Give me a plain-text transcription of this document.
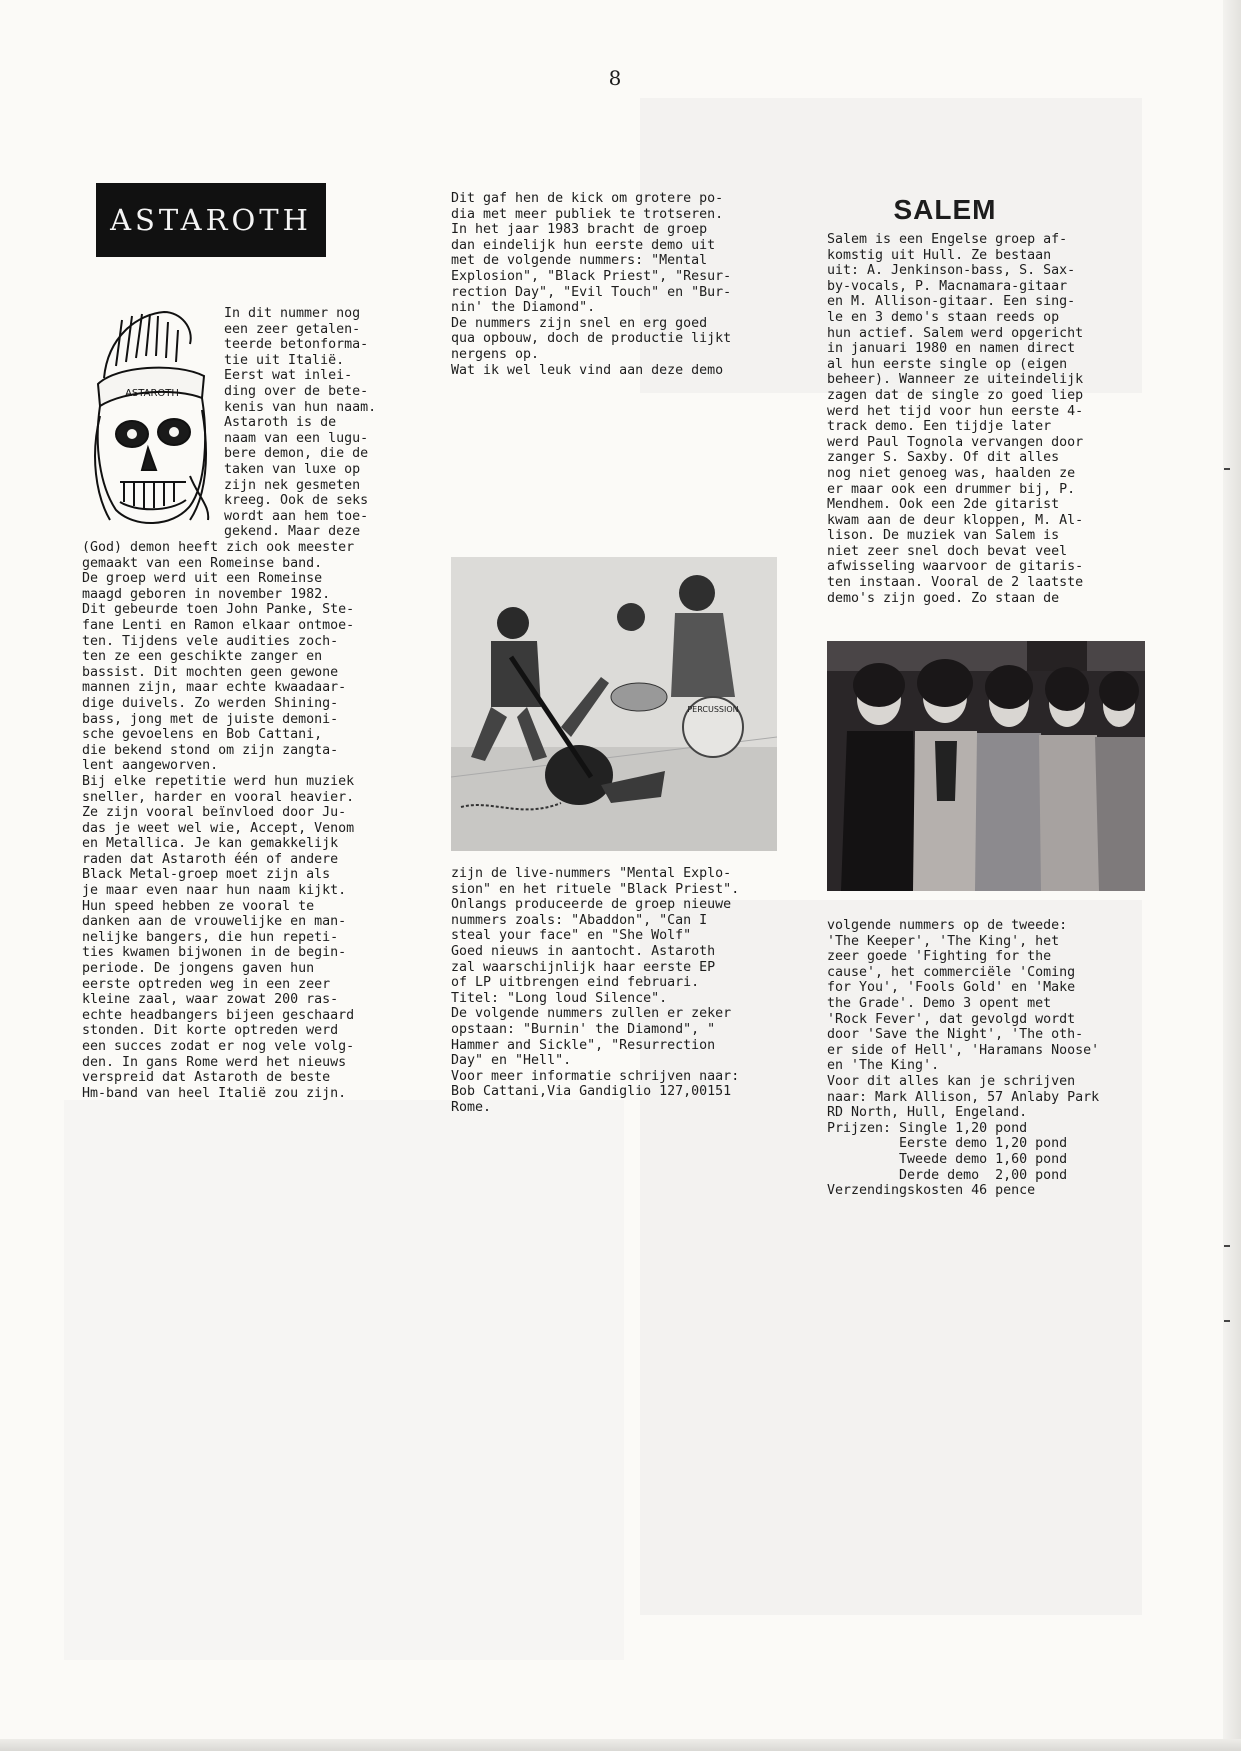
8
ASTAROTH
ASTAROTH
In dit nummer nog
een zeer getalen-
teerde betonforma-
tie uit Italië.
Eerst wat inlei-
ding over de bete-
kenis van hun naam.
Astaroth is de
naam van een lugu-
bere demon, die de
taken van luxe op
zijn nek gesmeten
kreeg. Ook de seks
wordt aan hem toe-
gekend. Maar deze
(God) demon heeft zich ook meester
gemaakt van een Romeinse band.
De groep werd uit een Romeinse
maagd geboren in november 1982.
Dit gebeurde toen John Panke, Ste-
fane Lenti en Ramon elkaar ontmoe-
ten. Tijdens vele audities zoch-
ten ze een geschikte zanger en
bassist. Dit mochten geen gewone
mannen zijn, maar echte kwaadaar-
dige duivels. Zo werden Shining-
bass, jong met de juiste demoni-
sche gevoelens en Bob Cattani,
die bekend stond om zijn zangta-
lent aangeworven.
Bij elke repetitie werd hun muziek
sneller, harder en vooral heavier.
Ze zijn vooral beïnvloed door Ju-
das je weet wel wie, Accept, Venom
en Metallica. Je kan gemakkelijk
raden dat Astaroth één of andere
Black Metal-groep moet zijn als
je maar even naar hun naam kijkt.
Hun speed hebben ze vooral te
danken aan de vrouwelijke en man-
nelijke bangers, die hun repeti-
ties kwamen bijwonen in de begin-
periode. De jongens gaven hun
eerste optreden weg in een zeer
kleine zaal, waar zowat 200 ras-
echte headbangers bijeen geschaard
stonden. Dit korte optreden werd
een succes zodat er nog vele volg-
den. In gans Rome werd het nieuws
verspreid dat Astaroth de beste
Hm-band van heel Italië zou zijn.
Dit gaf hen de kick om grotere po-
dia met meer publiek te trotseren.
In het jaar 1983 bracht de groep
dan eindelijk hun eerste demo uit
met de volgende nummers: "Mental
Explosion", "Black Priest", "Resur-
rection Day", "Evil Touch" en "Bur-
nin' the Diamond".
De nummers zijn snel en erg goed
qua opbouw, doch de productie lijkt
nergens op.
Wat ik wel leuk vind aan deze demo
PERCUSSION
zijn de live-nummers "Mental Explo-
sion" en het rituele "Black Priest".
Onlangs produceerde de groep nieuwe
nummers zoals: "Abaddon", "Can I
steal your face" en "She Wolf"
Goed nieuws in aantocht. Astaroth
zal waarschijnlijk haar eerste EP
of LP uitbrengen eind februari.
Titel: "Long loud Silence".
De volgende nummers zullen er zeker
opstaan: "Burnin' the Diamond", "
Hammer and Sickle", "Resurrection
Day" en "Hell".
Voor meer informatie schrijven naar:
Bob Cattani,Via Gandiglio 127,00151
Rome.
SALEM
Salem is een Engelse groep af-
komstig uit Hull. Ze bestaan
uit: A. Jenkinson-bass, S. Sax-
by-vocals, P. Macnamara-gitaar
en M. Allison-gitaar. Een sing-
le en 3 demo's staan reeds op
hun actief. Salem werd opgericht
in januari 1980 en namen direct
al hun eerste single op (eigen
beheer). Wanneer ze uiteindelijk
zagen dat de single zo goed liep
werd het tijd voor hun eerste 4-
track demo. Een tijdje later
werd Paul Tognola vervangen door
zanger S. Saxby. Of dit alles
nog niet genoeg was, haalden ze
er maar ook een drummer bij, P.
Mendhem. Ook een 2de gitarist
kwam aan de deur kloppen, M. Al-
lison. De muziek van Salem is
niet zeer snel doch bevat veel
afwisseling waarvoor de gitaris-
ten instaan. Vooral de 2 laatste
demo's zijn goed. Zo staan de
volgende nummers op de tweede:
'The Keeper', 'The King', het
zeer goede 'Fighting for the
cause', het commerciële 'Coming
for You', 'Fools Gold' en 'Make
the Grade'. Demo 3 opent met
'Rock Fever', dat gevolgd wordt
door 'Save the Night', 'The oth-
er side of Hell', 'Haramans Noose'
en 'The King'.
Voor dit alles kan je schrijven
naar: Mark Allison, 57 Anlaby Park
RD North, Hull, Engeland.
Prijzen: Single 1,20 pond
Eerste demo 1,20 pond
Tweede demo 1,60 pond
Derde demo  2,00 pond
Verzendingskosten 46 pence
